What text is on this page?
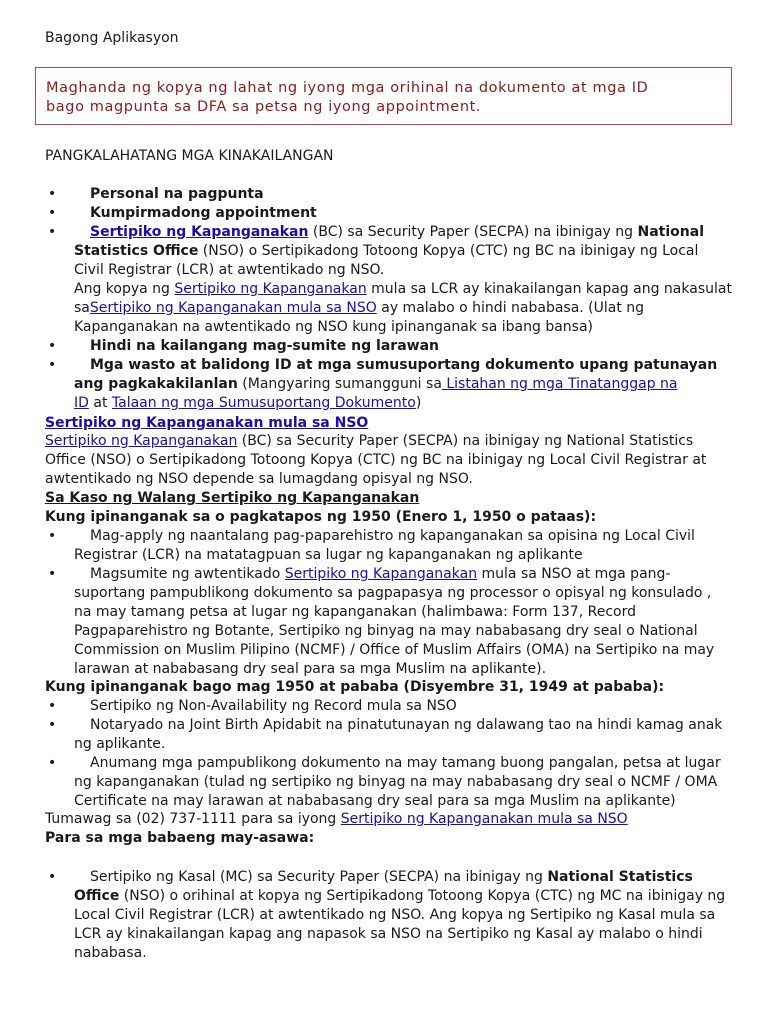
Bagong Aplikasyon
Maghanda ng kopya ng lahat ng iyong mga orihinal na dokumento at mga ID
bago magpunta sa DFA sa petsa ng iyong appointment.
PANGKALAHATANG MGA KINAKAILANGAN
• Personal na pagpunta
• Kumpirmadong appointment
• Sertipiko ng Kapanganakan (BC) sa Security Paper (SECPA) na ibinigay ng National
Statistics Office (NSO) o Sertipikadong Totoong Kopya (CTC) ng BC na ibinigay ng Local
Civil Registrar (LCR) at awtentikado ng NSO.
Ang kopya ng Sertipiko ng Kapanganakan mula sa LCR ay kinakailangan kapag ang nakasulat
saSertipiko ng Kapanganakan mula sa NSO ay malabo o hindi nababasa. (Ulat ng
Kapanganakan na awtentikado ng NSO kung ipinanganak sa ibang bansa)
• Hindi na kailangang mag-sumite ng larawan
• Mga wasto at balidong ID at mga sumusuportang dokumento upang patunayan
ang pagkakakilanlan (Mangyaring sumangguni sa Listahan ng mga Tinatanggap na
ID at Talaan ng mga Sumusuportang Dokumento)
Sertipiko ng Kapanganakan mula sa NSO
Sertipiko ng Kapanganakan (BC) sa Security Paper (SECPA) na ibinigay ng National Statistics
Office (NSO) o Sertipikadong Totoong Kopya (CTC) ng BC na ibinigay ng Local Civil Registrar at
awtentikado ng NSO depende sa lumagdang opisyal ng NSO.
Sa Kaso ng Walang Sertipiko ng Kapanganakan
Kung ipinanganak sa o pagkatapos ng 1950 (Enero 1, 1950 o pataas):
• Mag-apply ng naantalang pag-paparehistro ng kapanganakan sa opisina ng Local Civil
Registrar (LCR) na matatagpuan sa lugar ng kapanganakan ng aplikante
• Magsumite ng awtentikado Sertipiko ng Kapanganakan mula sa NSO at mga pang-
suportang pampublikong dokumento sa pagpapasya ng processor o opisyal ng konsulado ,
na may tamang petsa at lugar ng kapanganakan (halimbawa: Form 137, Record
Pagpaparehistro ng Botante, Sertipiko ng binyag na may nababasang dry seal o National
Commission on Muslim Pilipino (NCMF) / Office of Muslim Affairs (OMA) na Sertipiko na may
larawan at nababasang dry seal para sa mga Muslim na aplikante).
Kung ipinanganak bago mag 1950 at pababa (Disyembre 31, 1949 at pababa):
• Sertipiko ng Non-Availability ng Record mula sa NSO
• Notaryado na Joint Birth Apidabit na pinatutunayan ng dalawang tao na hindi kamag anak
ng aplikante.
• Anumang mga pampublikong dokumento na may tamang buong pangalan, petsa at lugar
ng kapanganakan (tulad ng sertipiko ng binyag na may nababasang dry seal o NCMF / OMA
Certificate na may larawan at nababasang dry seal para sa mga Muslim na aplikante)
Tumawag sa (02) 737-1111 para sa iyong Sertipiko ng Kapanganakan mula sa NSO
Para sa mga babaeng may-asawa:
• Sertipiko ng Kasal (MC) sa Security Paper (SECPA) na ibinigay ng National Statistics
Office (NSO) o orihinal at kopya ng Sertipikadong Totoong Kopya (CTC) ng MC na ibinigay ng
Local Civil Registrar (LCR) at awtentikado ng NSO. Ang kopya ng Sertipiko ng Kasal mula sa
LCR ay kinakailangan kapag ang napasok sa NSO na Sertipiko ng Kasal ay malabo o hindi
nababasa.
